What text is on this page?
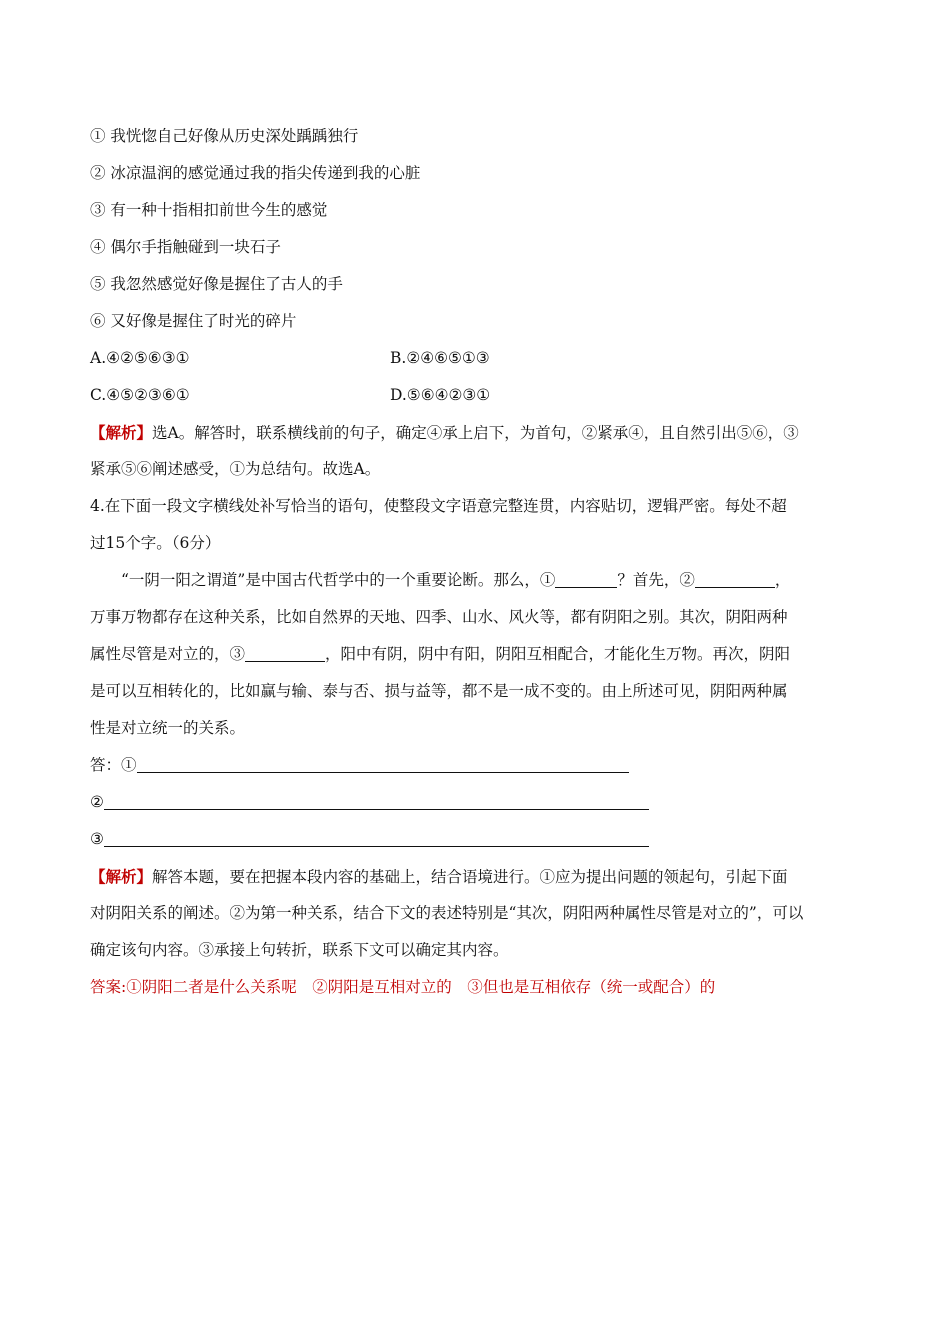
① 我恍惚自己好像从历史深处踽踽独行
② 冰凉温润的感觉通过我的指尖传递到我的心脏
③ 有一种十指相扣前世今生的感觉
④ 偶尔手指触碰到一块石子
⑤ 我忽然感觉好像是握住了古人的手
⑥ 又好像是握住了时光的碎片
A.④②⑤⑥③①	B.②④⑥⑤①③
C.④⑤②③⑥①	D.⑤⑥④②③①
【解析】选A。解答时，联系横线前的句子，确定④承上启下，为首句，②紧承④，且自然引出⑤⑥，③
紧承⑤⑥阐述感受，①为总结句。故选A。
4.在下面一段文字横线处补写恰当的语句，使整段文字语意完整连贯，内容贴切，逻辑严密。每处不超
过15个字。（6分）
“一阴一阳之谓道”是中国古代哲学中的一个重要论断。那么，①	？首先，②	，
万事万物都存在这种关系，比如自然界的天地、四季、山水、风火等，都有阴阳之别。其次，阴阳两种
属性尽管是对立的，③	，阳中有阴，阴中有阳，阴阳互相配合，才能化生万物。再次，阴阳
是可以互相转化的，比如赢与输、泰与否、损与益等，都不是一成不变的。由上所述可见，阴阳两种属
性是对立统一的关系。
答：①
②
③
【解析】解答本题，要在把握本段内容的基础上，结合语境进行。①应为提出问题的领起句，引起下面
对阴阳关系的阐述。②为第一种关系，结合下文的表述特别是“其次，阴阳两种属性尽管是对立的”，可以
确定该句内容。③承接上句转折，联系下文可以确定其内容。
答案:①阴阳二者是什么关系呢　②阴阳是互相对立的　③但也是互相依存（统一或配合）的
